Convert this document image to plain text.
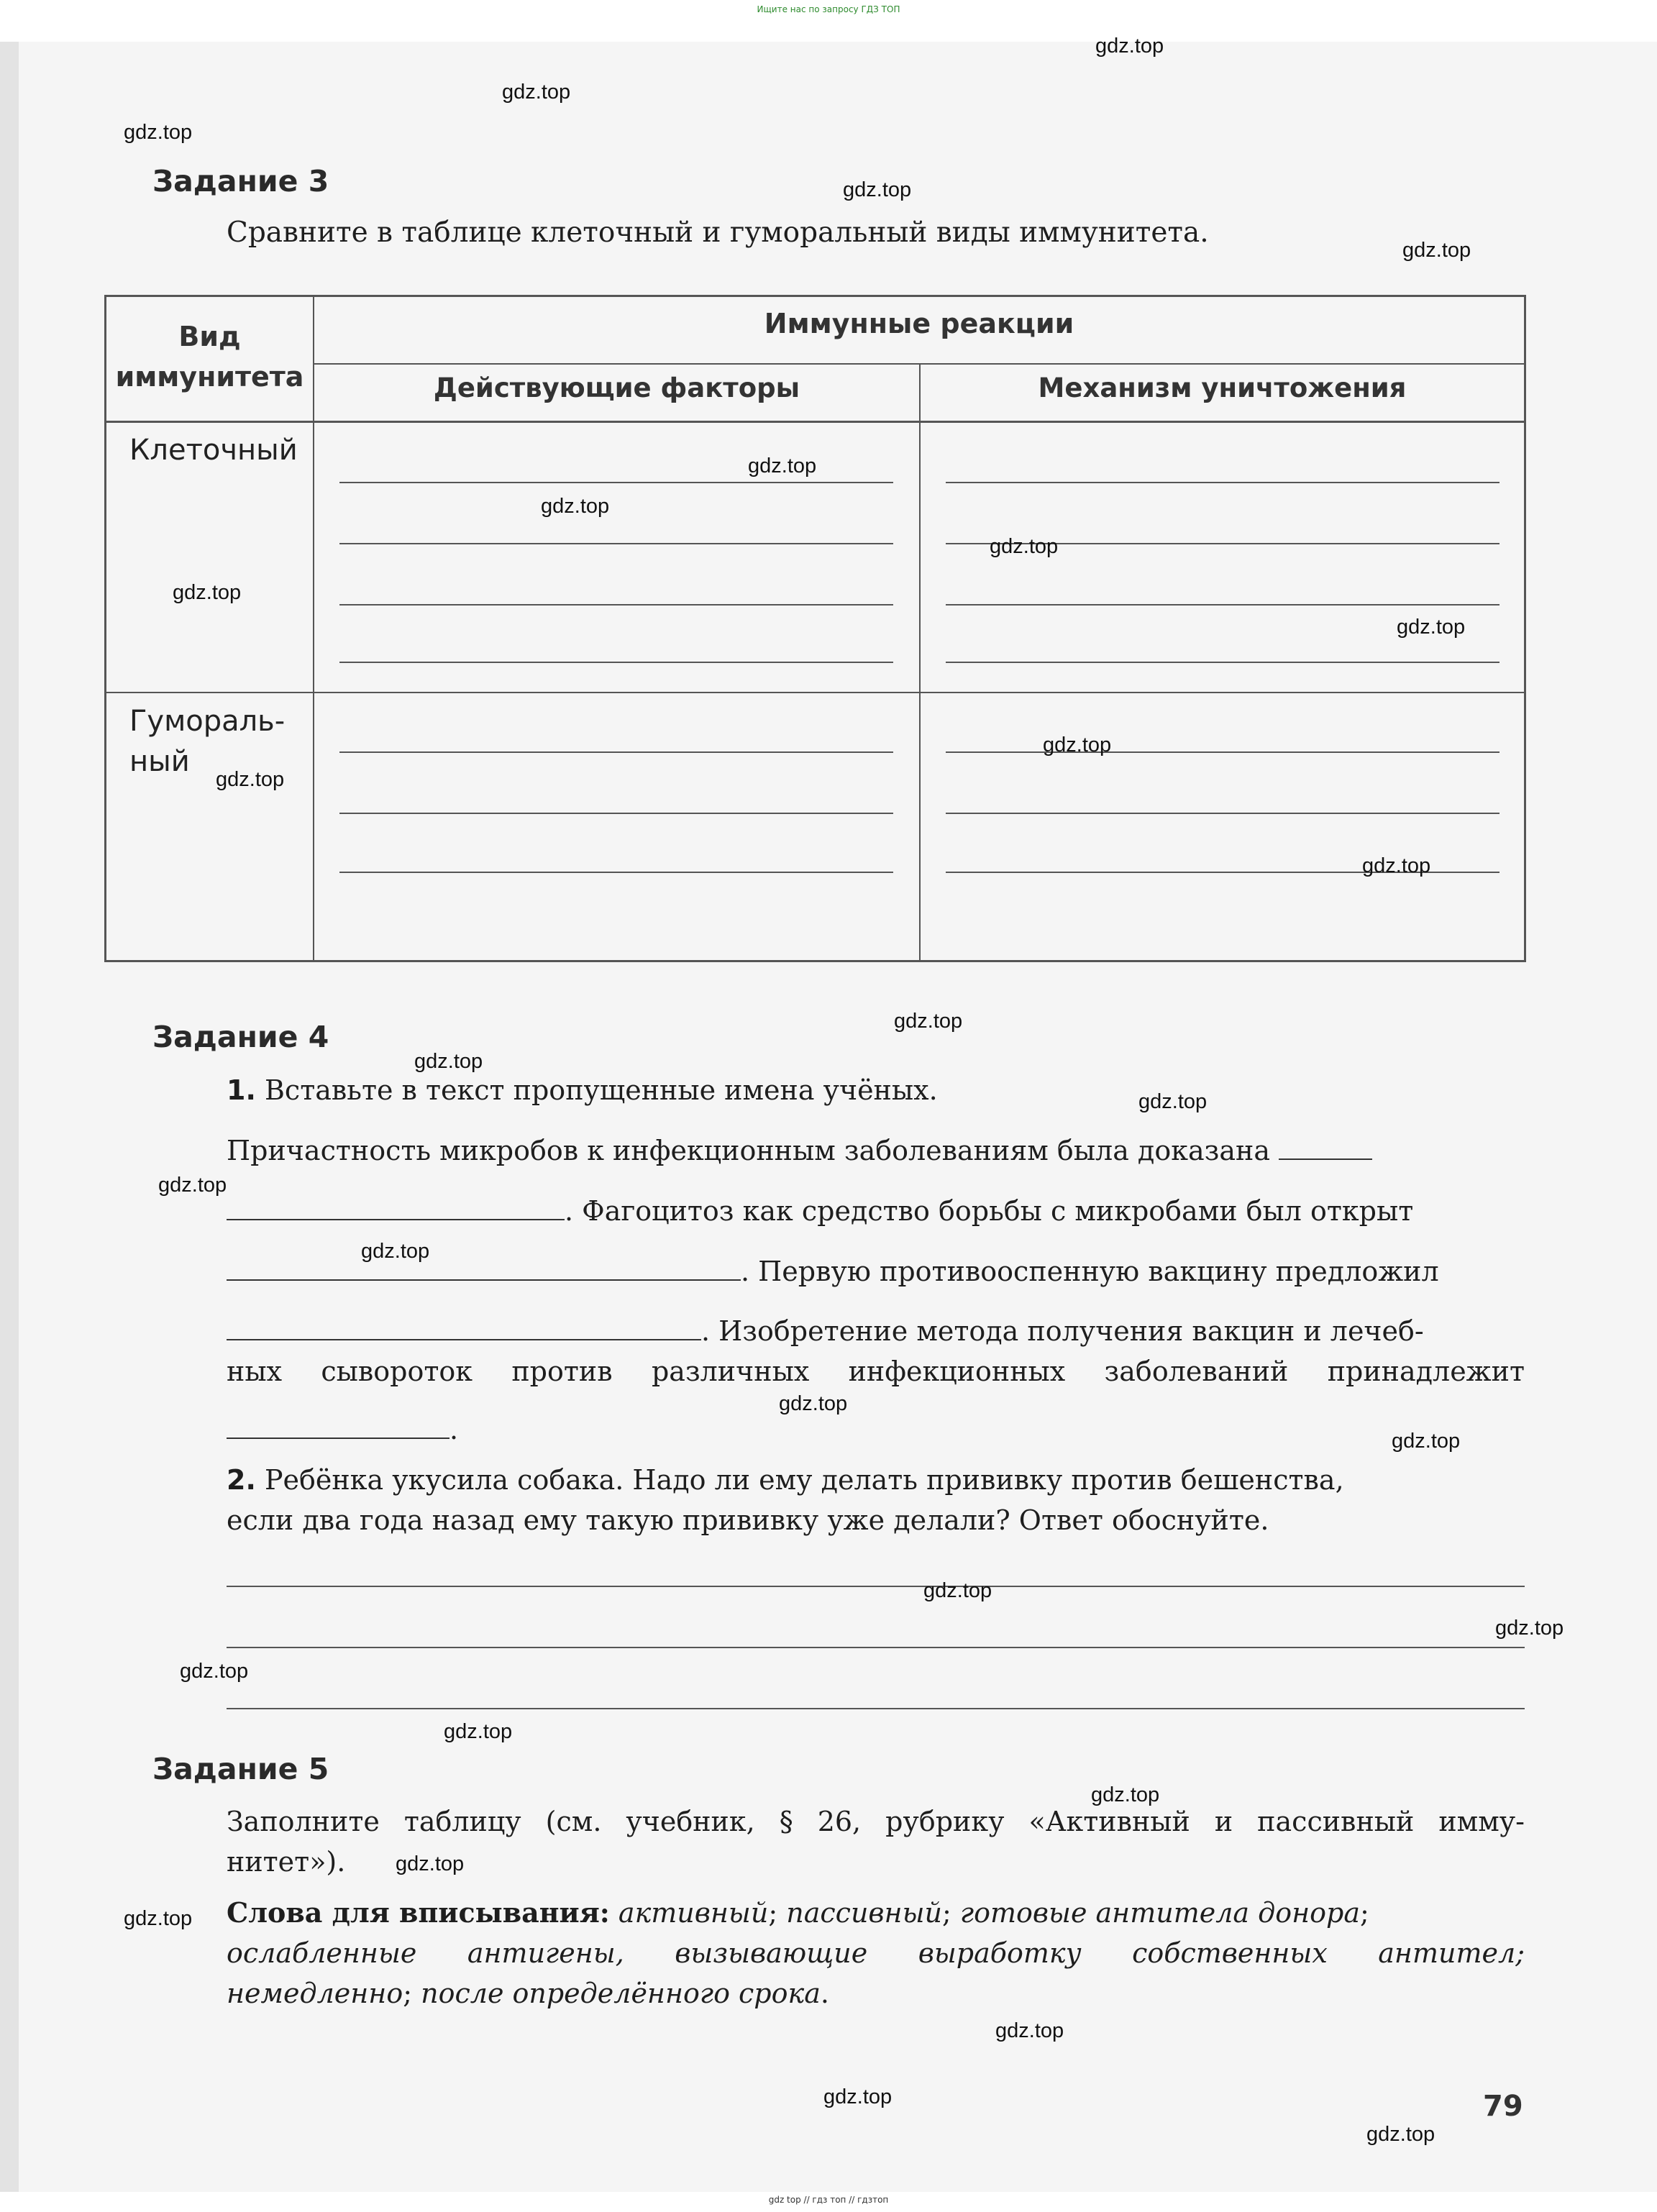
Ищите нас по запросу ГДЗ ТОП
gdz top // гдз топ // гдзтоп
Задание 3
Сравните в таблице клеточный и гуморальный виды иммунитета.
Вид
иммунитета
Иммунные реакции
Действующие факторы	Механизм уничтожения
Клеточный
Гумораль-
ный
Задание 4
1. Вставьте в текст пропущенные имена учёных.
Причастность микробов к инфекционным заболеваниям была доказана
. Фагоцитоз как средство борьбы с микробами был открыт
. Первую противооспенную вакцину предложил
. Изобретение метода получения вакцин и лечеб-
ных сывороток против различных инфекционных заболеваний принадлежит
.
2. Ребёнка укусила собака. Надо ли ему делать прививку против бешенства,
если два года назад ему такую прививку уже делали? Ответ обоснуйте.
Задание 5
Заполните таблицу (см. учебник, § 26, рубрику «Активный и пассивный имму-
нитет»).
Слова для вписывания: активный; пассивный; готовые антитела донора;
ослабленные антигены, вызывающие выработку собственных антител;
немедленно; после определённого срока.
79
gdz.top
gdz.top
gdz.top
gdz.top
gdz.top
gdz.top
gdz.top
gdz.top
gdz.top
gdz.top
gdz.top
gdz.top
gdz.top
gdz.top
gdz.top
gdz.top
gdz.top
gdz.top
gdz.top
gdz.top
gdz.top
gdz.top
gdz.top
gdz.top
gdz.top
gdz.top
gdz.top
gdz.top
gdz.top
gdz.top
